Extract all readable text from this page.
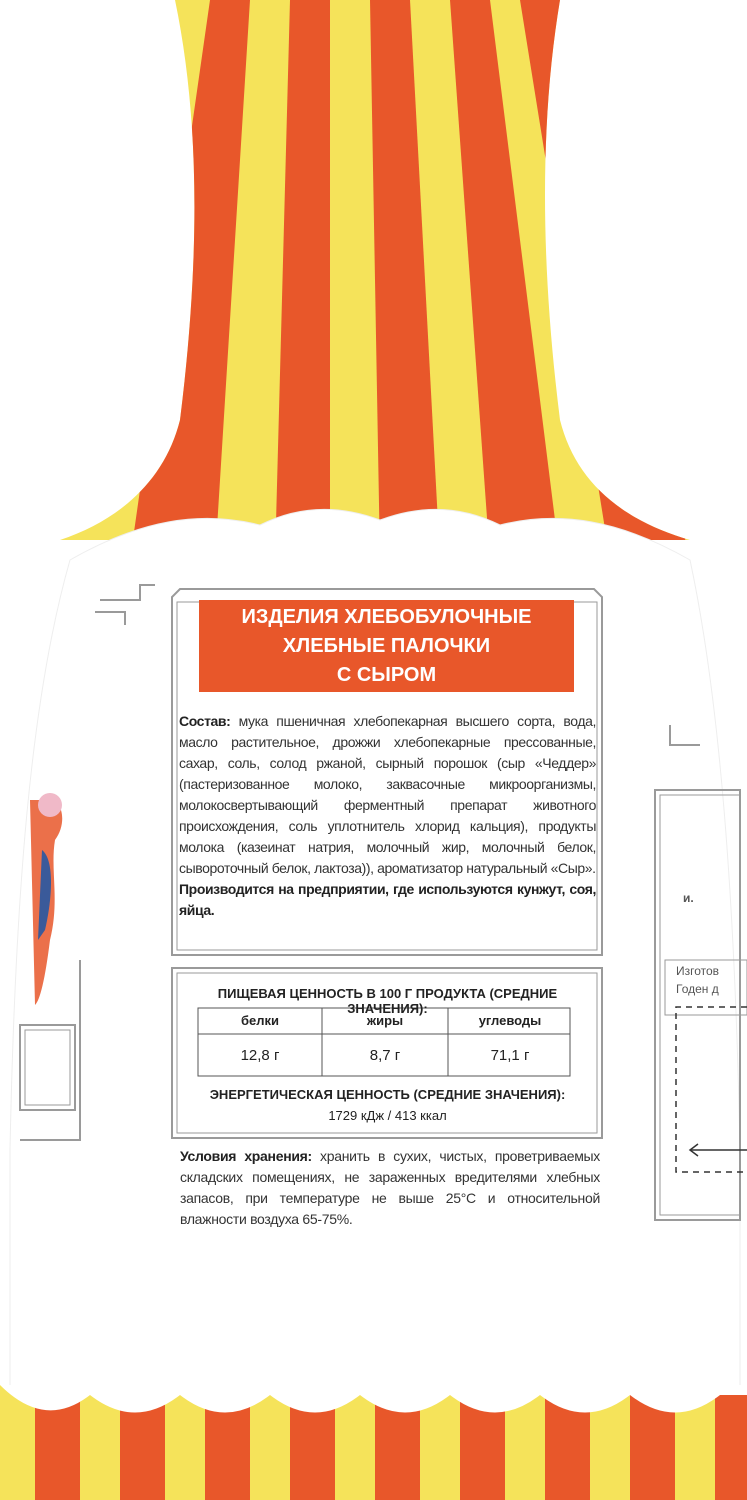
ИЗДЕЛИЯ ХЛЕБОБУЛОЧНЫЕ
ХЛЕБНЫЕ ПАЛОЧКИ
С СЫРОМ
Состав: мука пшеничная хлебопекарная высшего сорта, вода, масло растительное, дрожжи хлебопекарные прессованные, сахар, соль, солод ржаной, сырный порошок (сыр «Чеддер» (пастеризованное молоко, заквасочные микроорганизмы, молокосвертывающий ферментный препарат животного происхождения, соль уплотнитель хлорид кальция), продукты молока (казеинат натрия, молочный жир, молочный белок, сывороточный белок, лактоза)), ароматизатор натуральный «Сыр».
Производится на предприятии, где используются кунжут, соя, яйца.
ПИЩЕВАЯ ЦЕННОСТЬ В 100 Г ПРОДУКТА (СРЕДНИЕ ЗНАЧЕНИЯ):
белки	жиры	углеводы
12,8 г	8,7 г	71,1 г
ЭНЕРГЕТИЧЕСКАЯ ЦЕННОСТЬ (СРЕДНИЕ ЗНАЧЕНИЯ):
1729 кДж / 413 ккал
Условия хранения: хранить в сухих, чистых, проветриваемых складских помещениях, не зараженных вредителями хлебных запасов, при температуре не выше 25°С и относительной влажности воздуха 65-75%.
Изготов
Годен д
и.
